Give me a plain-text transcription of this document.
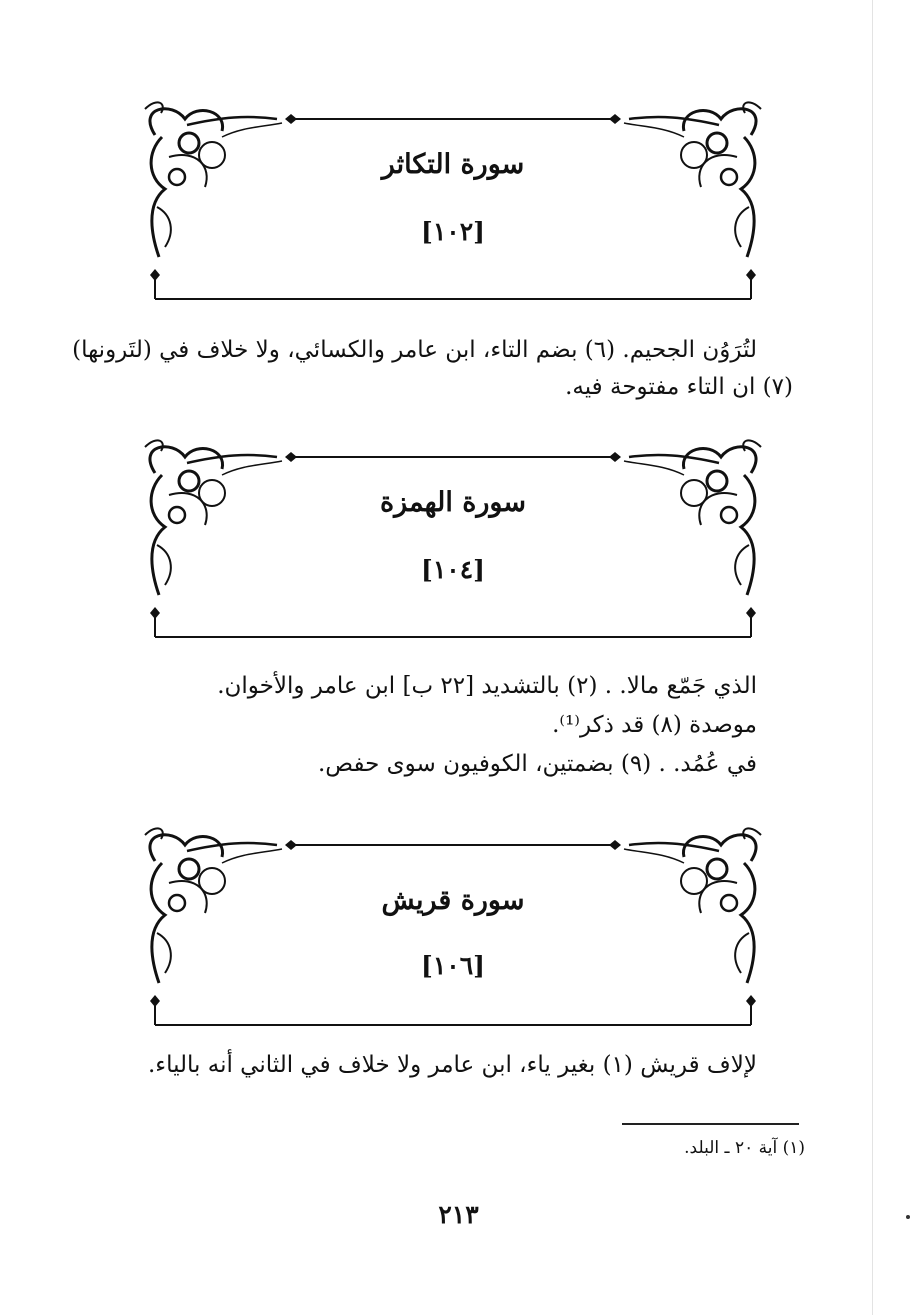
سورة التكاثر
[١٠٢]
لتُرَوُن الجحيم. (٦) بضم التاء، ابن عامر والكسائي، ولا خلاف في (لتَرونها)
(٧) ان التاء مفتوحة فيه.
سورة الهمزة
[١٠٤]
الذي جَمّع مالا. . (٢) بالتشديد [٢٢ ب] ابن عامر والأخوان.
موصدة (٨) قد ذكر⁽¹⁾.
في عُمُد. . (٩) بضمتين، الكوفيون سوى حفص.
سورة قريش
[١٠٦]
لإلاف قريش (١) بغير ياء، ابن عامر ولا خلاف في الثاني أنه بالياء.
(١) آية ٢٠ ـ البلد.
٢١٣
